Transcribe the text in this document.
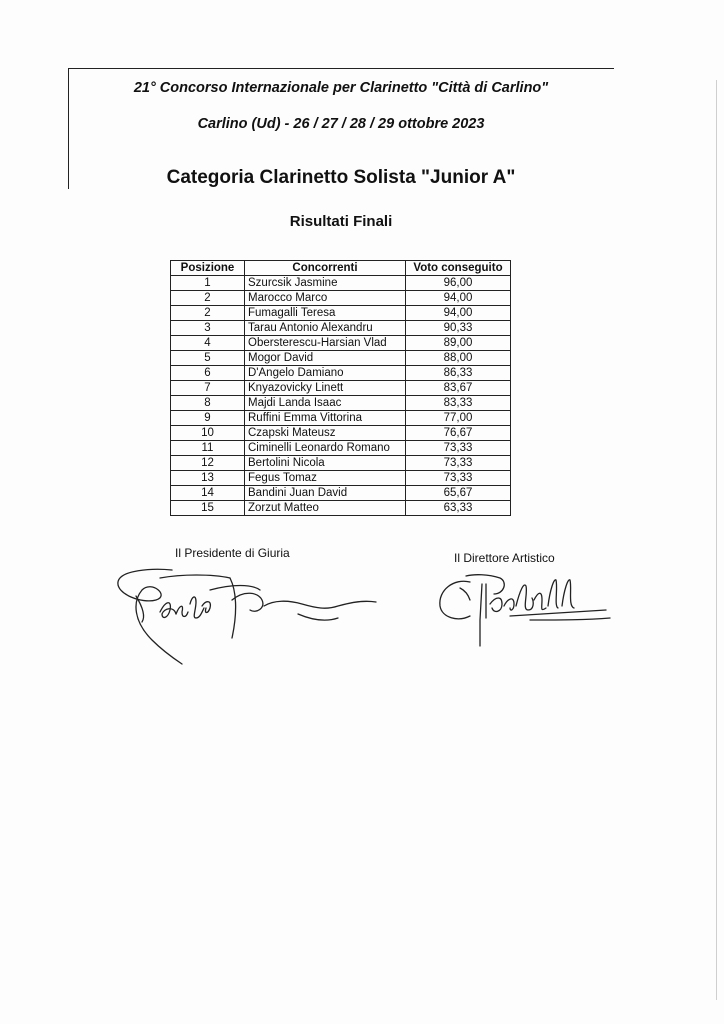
21° Concorso Internazionale per Clarinetto "Città di Carlino"
Carlino (Ud) - 26 / 27 / 28 / 29 ottobre 2023
Categoria Clarinetto Solista "Junior A"
Risultati Finali
Posizione	Concorrenti	Voto conseguito
1	Szurcsik Jasmine	96,00
2	Marocco Marco	94,00
2	Fumagalli Teresa	94,00
3	Tarau Antonio Alexandru	90,33
4	Obersterescu-Harsian Vlad	89,00
5	Mogor David	88,00
6	D'Angelo Damiano	86,33
7	Knyazovicky Linett	83,67
8	Majdi Landa Isaac	83,33
9	Ruffini Emma Vittorina	77,00
10	Czapski Mateusz	76,67
11	Ciminelli Leonardo Romano	73,33
12	Bertolini Nicola	73,33
13	Fegus Tomaz	73,33
14	Bandini Juan David	65,67
15	Zorzut Matteo	63,33
Il Presidente di Giuria	Il Direttore Artistico
